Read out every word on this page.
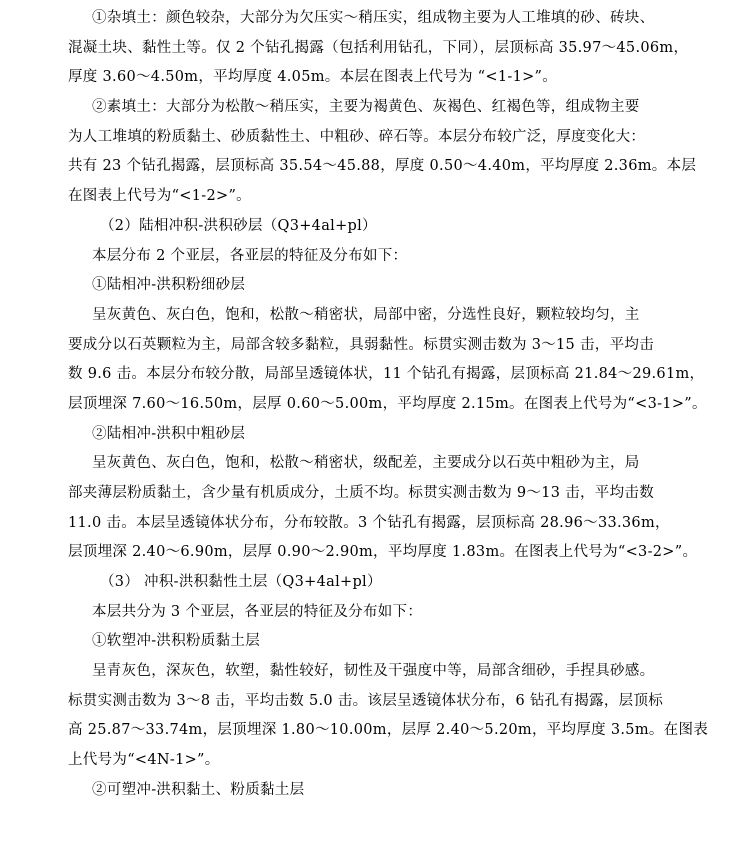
①杂填土：颜色较杂，大部分为欠压实～稍压实，组成物主要为人工堆填的砂、砖块、
混凝土块、黏性土等。仅 2 个钻孔揭露（包括利用钻孔，下同），层顶标高 35.97～45.06m，
厚度 3.60～4.50m，平均厚度 4.05m。本层在图表上代号为 “<1-1>”。
②素填土：大部分为松散～稍压实，主要为褐黄色、灰褐色、红褐色等，组成物主要
为人工堆填的粉质黏土、砂质黏性土、中粗砂、碎石等。本层分布较广泛，厚度变化大：
共有 23 个钻孔揭露，层顶标高 35.54～45.88，厚度 0.50～4.40m，平均厚度 2.36m。本层
在图表上代号为“<1-2>”。
（2）陆相冲积-洪积砂层（Q3+4al+pl）
本层分布 2 个亚层，各亚层的特征及分布如下：
①陆相冲-洪积粉细砂层
呈灰黄色、灰白色，饱和，松散～稍密状，局部中密，分选性良好，颗粒较均匀，主
要成分以石英颗粒为主，局部含较多黏粒，具弱黏性。标贯实测击数为 3～15 击，平均击
数 9.6 击。本层分布较分散，局部呈透镜体状，11 个钻孔有揭露，层顶标高 21.84～29.61m，
层顶埋深 7.60～16.50m，层厚 0.60～5.00m，平均厚度 2.15m。在图表上代号为“<3-1>”。
②陆相冲-洪积中粗砂层
呈灰黄色、灰白色，饱和，松散～稍密状，级配差，主要成分以石英中粗砂为主，局
部夹薄层粉质黏土，含少量有机质成分，土质不均。标贯实测击数为 9～13 击，平均击数
11.0 击。本层呈透镜体状分布，分布较散。3 个钻孔有揭露，层顶标高 28.96～33.36m，
层顶埋深 2.40～6.90m，层厚 0.90～2.90m，平均厚度 1.83m。在图表上代号为“<3-2>”。
（3） 冲积-洪积黏性土层（Q3+4al+pl）
本层共分为 3 个亚层，各亚层的特征及分布如下：
①软塑冲-洪积粉质黏土层
呈青灰色，深灰色，软塑，黏性较好，韧性及干强度中等，局部含细砂，手捏具砂感。
标贯实测击数为 3～8 击，平均击数 5.0 击。该层呈透镜体状分布，6 钻孔有揭露，层顶标
高 25.87～33.74m，层顶埋深 1.80～10.00m，层厚 2.40～5.20m，平均厚度 3.5m。在图表
上代号为“<4N-1>”。
②可塑冲-洪积黏土、粉质黏土层
